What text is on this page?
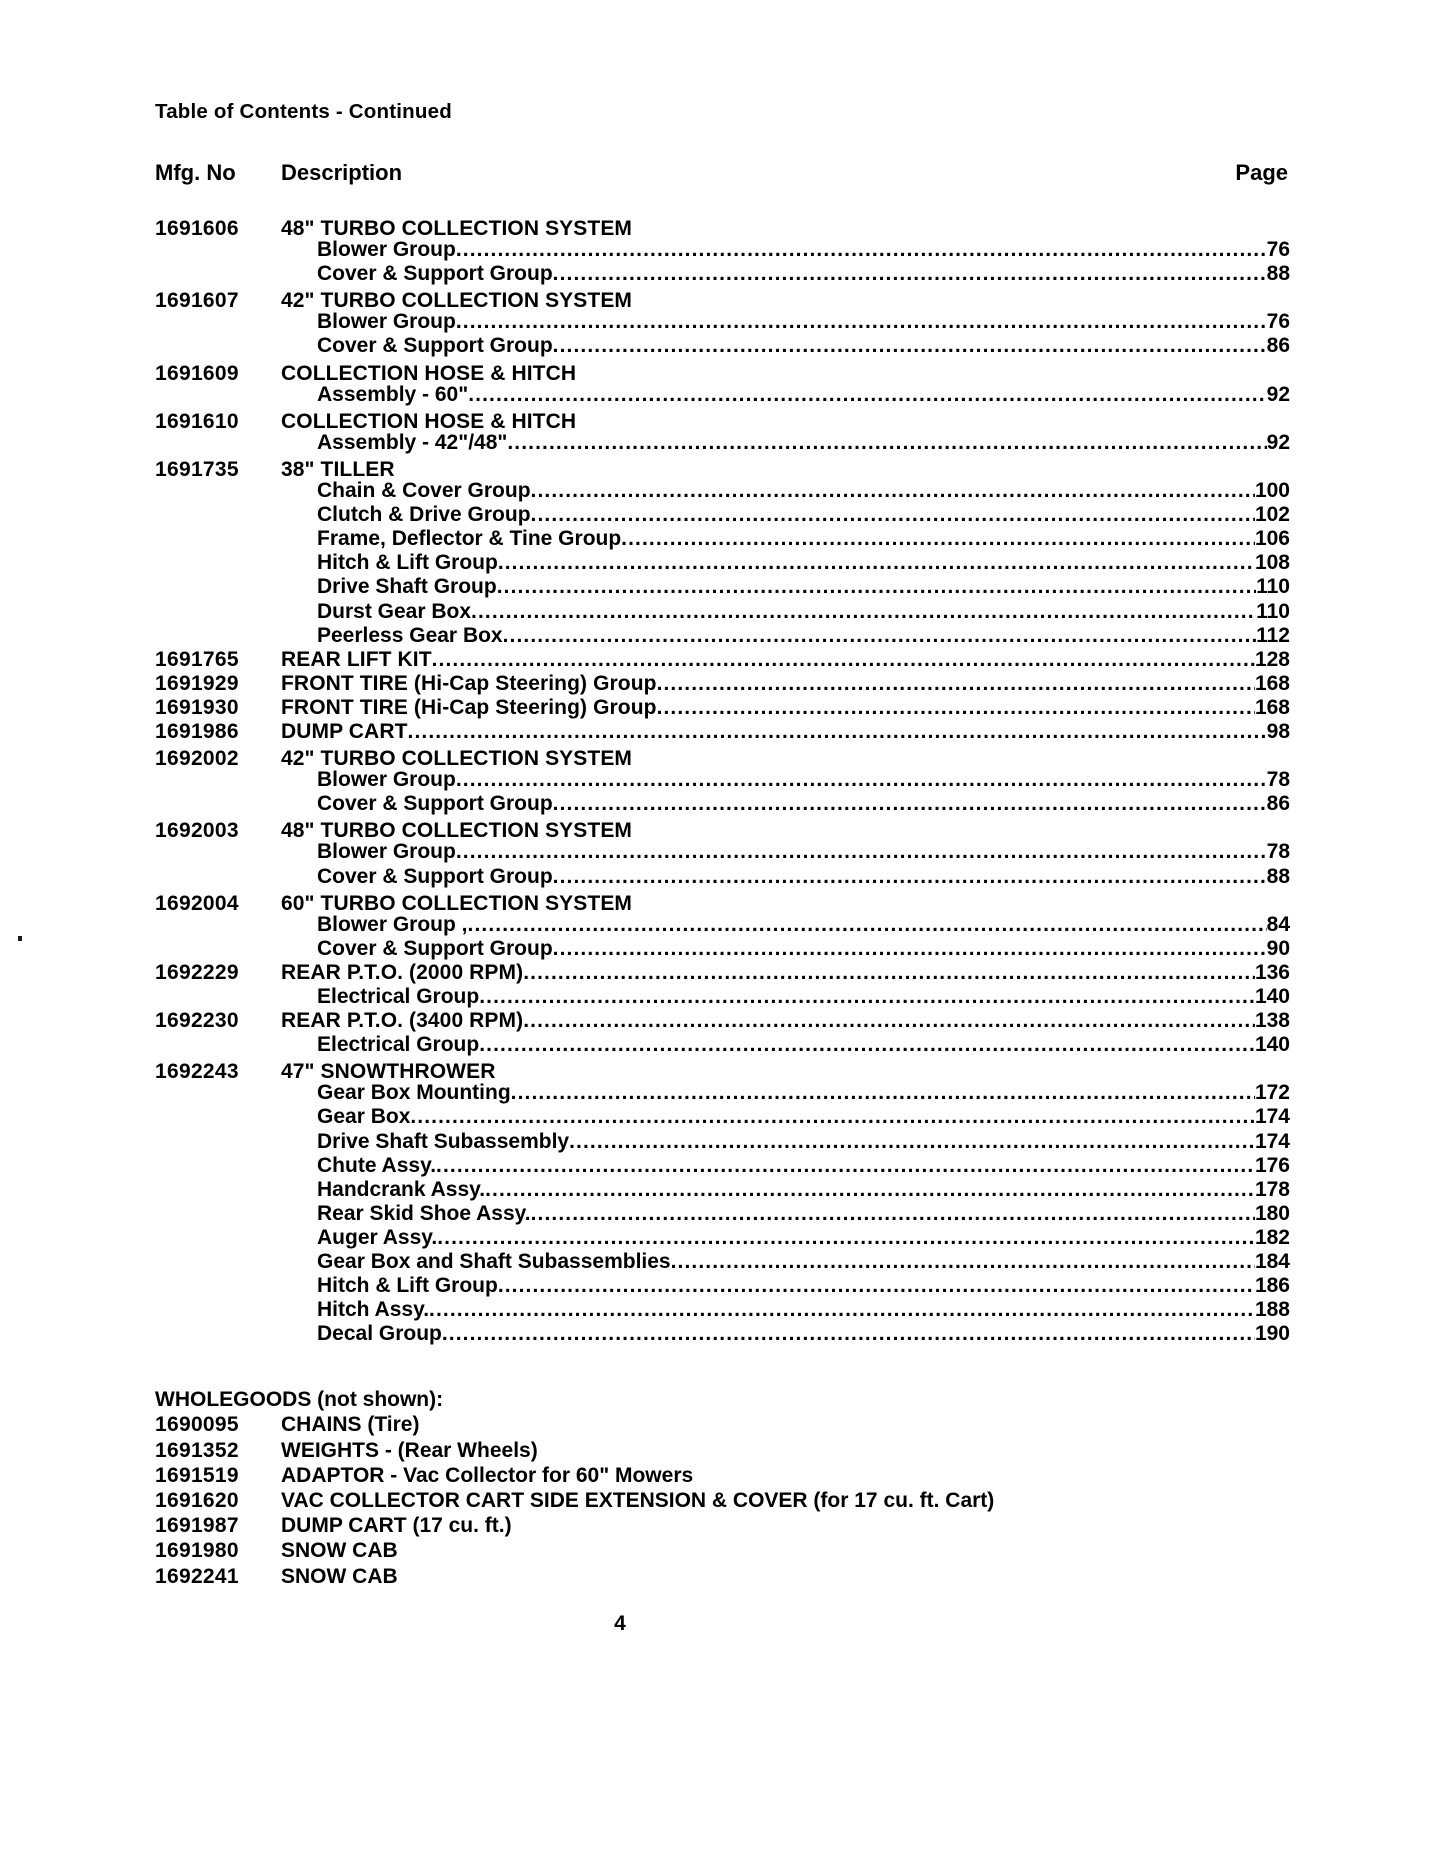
Table of Contents - Continued
Mfg. No	Description	Page
1691606	48" TURBO COLLECTION SYSTEM
Blower Group .....	76
Cover & Support Group .....	88
1691607	42" TURBO COLLECTION SYSTEM
Blower Group .....	76
Cover & Support Group .....	86
1691609	COLLECTION HOSE & HITCH
Assembly - 60" .....	92
1691610	COLLECTION HOSE & HITCH
Assembly - 42"/48" .....	92
1691735	38" TILLER
Chain & Cover Group .....	100
Clutch & Drive Group .....	102
Frame, Deflector & Tine Group .....	106
Hitch & Lift Group .....	108
Drive Shaft Group .....	110
Durst Gear Box .....	110
Peerless Gear Box .....	112
1691765	REAR LIFT KIT .....	128
1691929	FRONT TIRE (Hi-Cap Steering) Group .....	168
1691930	FRONT TIRE (Hi-Cap Steering) Group .....	168
1691986	DUMP CART .....	98
1692002	42" TURBO COLLECTION SYSTEM
Blower Group .....	78
Cover & Support Group .....	86
1692003	48" TURBO COLLECTION SYSTEM
Blower Group .....	78
Cover & Support Group .....	88
1692004	60" TURBO COLLECTION SYSTEM
Blower Group , .....	84
Cover & Support Group .....	90
1692229	REAR P.T.O. (2000 RPM) .....	136
Electrical Group .....	140
1692230	REAR P.T.O. (3400 RPM) .....	138
Electrical Group .....	140
1692243	47" SNOWTHROWER
Gear Box Mounting .....	172
Gear Box .....	174
Drive Shaft Subassembly .....	174
Chute Assy. .....	176
Handcrank Assy. .....	178
Rear Skid Shoe Assy. .....	180
Auger Assy. .....	182
Gear Box and Shaft Subassemblies .....	184
Hitch & Lift Group .....	186
Hitch Assy. .....	188
Decal Group .....	190
WHOLEGOODS (not shown):
1690095	CHAINS (Tire)
1691352	WEIGHTS - (Rear Wheels)
1691519	ADAPTOR - Vac Collector for 60" Mowers
1691620	VAC COLLECTOR CART SIDE EXTENSION & COVER (for 17 cu. ft. Cart)
1691987	DUMP CART (17 cu. ft.)
1691980	SNOW CAB
1692241	SNOW CAB
4
